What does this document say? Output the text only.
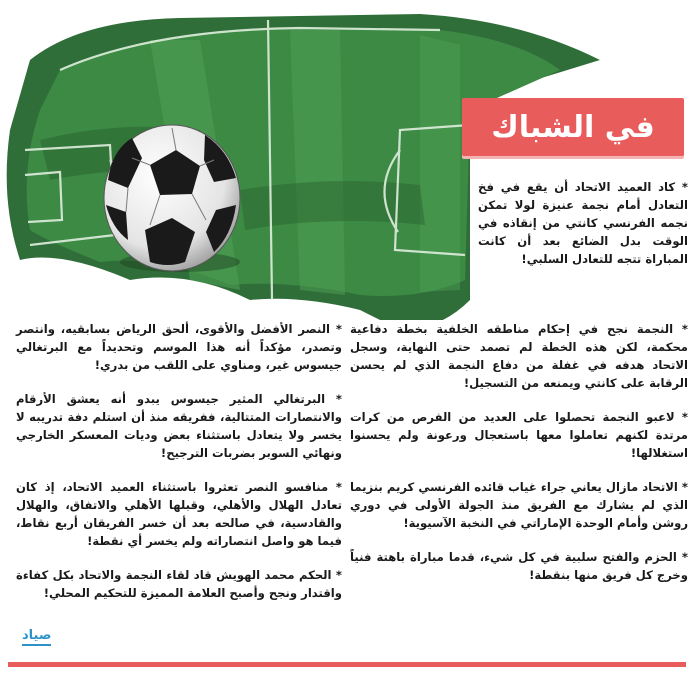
في الشباك

* كاد العميد الاتحاد أن يقع في فخ التعادل أمام نجمة عنيزة لولا تمكن نجمه الفرنسي كانتي من إنقاذه في الوقت بدل الضائع بعد أن كانت المباراة تتجه للتعادل السلبي!

* النجمة نجح في إحكام مناطقه الخلفية بخطة دفاعية محكمة، لكن هذه الخطة لم تصمد حتى النهاية، وسجل الاتحاد هدفه في غفلة من دفاع النجمة الذي لم يحسن الرقابة على كانتي ويمنعه من التسجيل!

* لاعبو النجمة تحصلوا على العديد من الفرص من كرات مرتدة لكنهم تعاملوا معها باستعجال ورعونة ولم يحسنوا استغلالها!

* الاتحاد مازال يعاني جراء غياب قائده الفرنسي كريم بنزيما الذي لم يشارك مع الفريق منذ الجولة الأولى في دوري روشن وأمام الوحدة الإماراتي في النخبة الآسيوية!

* الحزم والفتح سلبية في كل شيء، قدما مباراة باهتة فنياً وخرج كل فريق منها بنقطة!

* النصر الأفضل والأقوى، ألحق الرياض بسابقيه، وانتصر وتصدر، مؤكداً أنه هذا الموسم وتحديداً مع البرتغالي جيسوس غير، ومناوي على اللقب من بدري!

* البرتغالي المثير جيسوس يبدو أنه يعشق الأرقام والانتصارات المتتالية، ففريقه منذ أن استلم دفة تدريبه لا يخسر ولا يتعادل باستثناء بعض وديات المعسكر الخارجي ونهائي السوبر بضربات الترجيح!

* منافسو النصر تعثروا باستثناء العميد الاتحاد، إذ كان تعادل الهلال والأهلي، وقبلها الأهلي والاتفاق، والهلال والقادسية، في صالحه بعد أن خسر الفريقان أربع نقاط، فيما هو واصل انتصاراته ولم يخسر أي نقطة!

* الحكم محمد الهويش قاد لقاء النجمة والاتحاد بكل كفاءة واقتدار ونجح وأصبح العلامة المميزة للتحكيم المحلي!

صياد
